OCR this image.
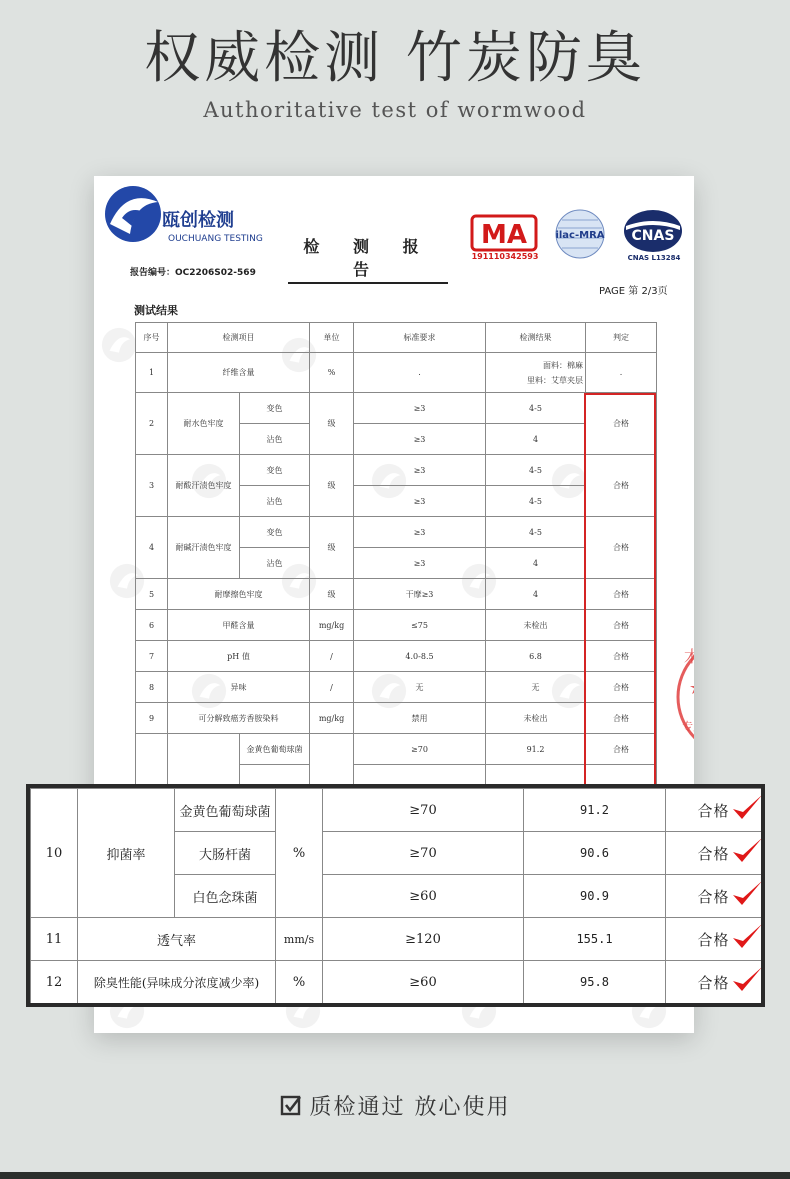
权威检测 竹炭防臭
Authoritative test of wormwood
瓯创检测
OUCHUANG TESTING	检 测 报 告
MA
191110342593
ilac-MRA CNAS
CNAS L13284
报告编号：OC2206S02-569
PAGE 第 2/3页
测试结果
术
专用
序号	检测项目		单位	标准要求	检测结果	判定
1	纤维含量		%	.	面料：棉麻
里料：艾草夹层	.
2	耐水色牢度	变色	级	≥3	4-5	合格
		沾色		≥3	4	
3	耐酸汗渍色牢度	变色	级	≥3	4-5	合格
		沾色		≥3	4-5	
4	耐碱汗渍色牢度	变色	级	≥3	4-5	合格
		沾色		≥3	4	
5	耐摩擦色牢度		级	干摩≥3	4	合格
6	甲醛含量		mg/kg	≤75	未检出	合格
7	pH 值		/	4.0-8.5	6.8	合格
8	异味		/	无	无	合格
9	可分解致癌芳香胺染料		mg/kg	禁用	未检出	合格
		金黄色葡萄球菌		≥70	91.2	合格

10	抑菌率	金黄色葡萄球菌	%	≥70	91.2	合格

		大肠杆菌		≥70	90.6	合格

		白色念珠菌		≥60	90.9	合格

11	透气率		mm/s	≥120	155.1	合格

12	除臭性能(异味成分浓度减少率)		%	≥60	95.8	合格
质检通过 放心使用
